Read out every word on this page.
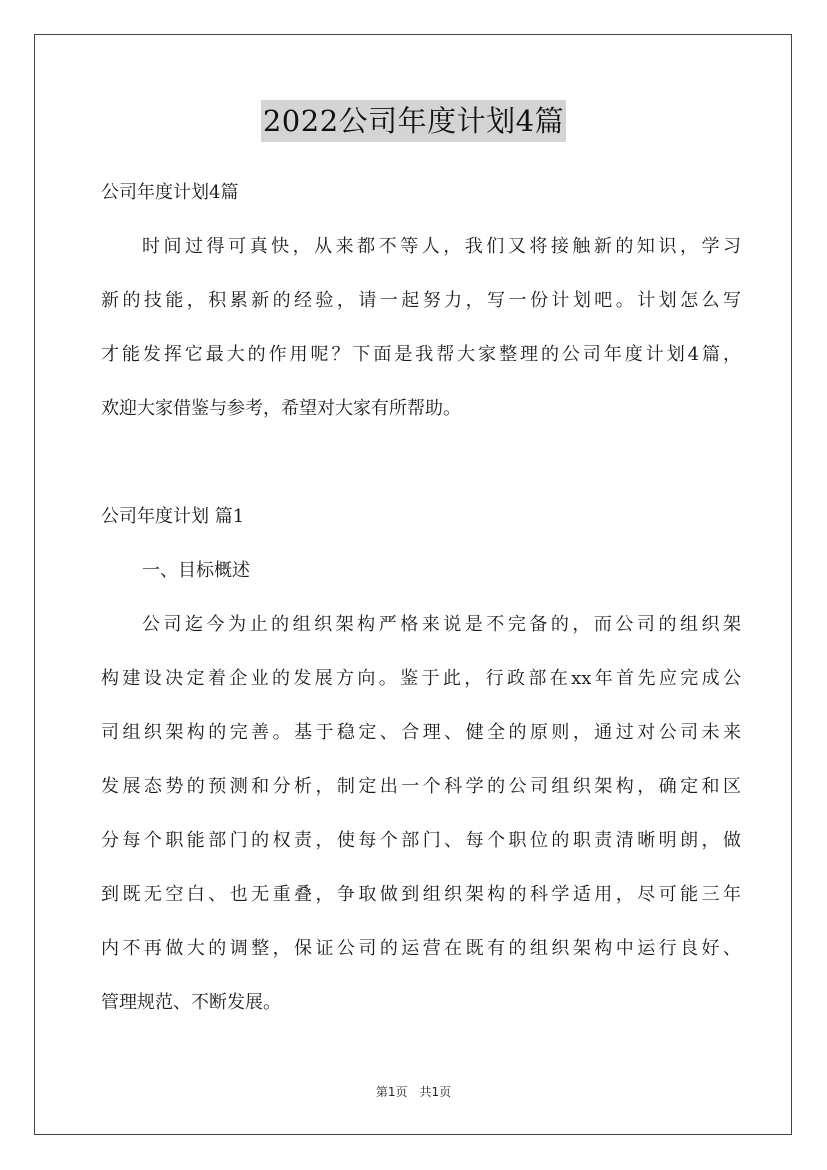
2022公司年度计划4篇
公司年度计划4篇
时间过得可真快，从来都不等人，我们又将接触新的知识，学习
新的技能，积累新的经验，请一起努力，写一份计划吧。计划怎么写
才能发挥它最大的作用呢？下面是我帮大家整理的公司年度计划4篇，
欢迎大家借鉴与参考，希望对大家有所帮助。
公司年度计划 篇1
一、目标概述
公司迄今为止的组织架构严格来说是不完备的，而公司的组织架
构建设决定着企业的发展方向。鉴于此，行政部在xx年首先应完成公
司组织架构的完善。基于稳定、合理、健全的原则，通过对公司未来
发展态势的预测和分析，制定出一个科学的公司组织架构，确定和区
分每个职能部门的权责，使每个部门、每个职位的职责清晰明朗，做
到既无空白、也无重叠，争取做到组织架构的科学适用，尽可能三年
内不再做大的调整，保证公司的运营在既有的组织架构中运行良好、
管理规范、不断发展。
第1页　共1页
